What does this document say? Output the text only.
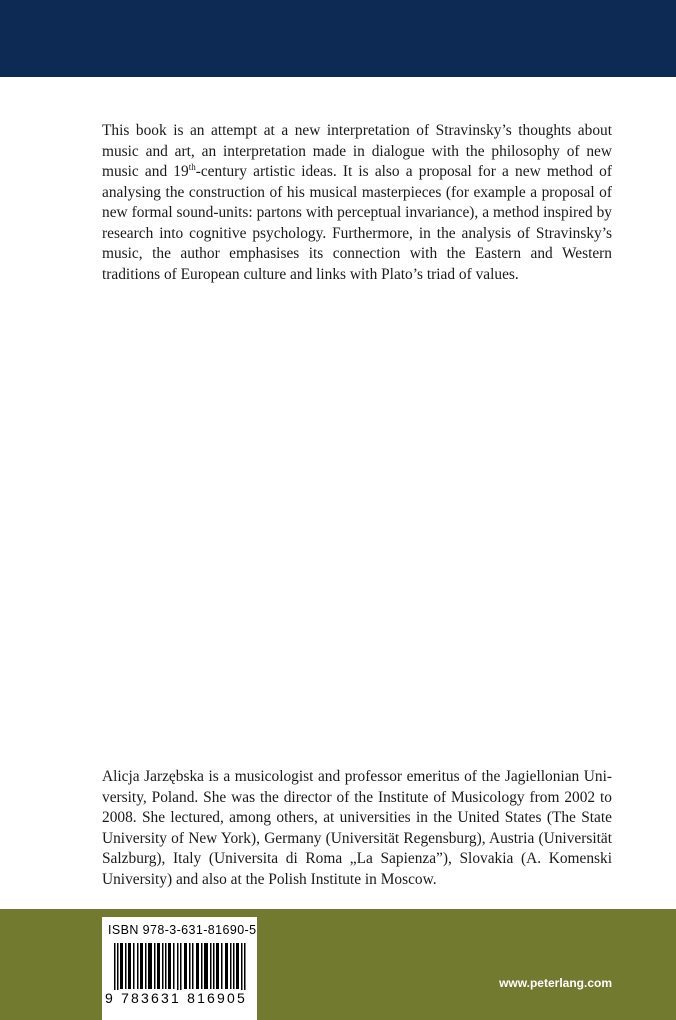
This book is an attempt at a new interpretation of Stravinsky’s thoughts about music and art, an interpretation made in dialogue with the philosophy of new music and 19th-century artistic ideas. It is also a proposal for a new method of analysing the construction of his musical masterpieces (for example a proposal of new formal sound-units: partons with perceptual invariance), a method inspired by research into cognitive psychology. Furthermore, in the analysis of Stravinsky’s music, the author emphasises its connection with the Eastern and Western traditions of European culture and links with Plato’s triad of values.

Alicja Jarzębska is a musicologist and professor emeritus of the Jagiellonian University, Poland. She was the director of the Institute of Musicology from 2002 to 2008. She lectured, among others, at universities in the United States (The State University of New York), Germany (Universität Regensburg), Austria (Universität Salzburg), Italy (Universita di Roma „La Sapienza”), Slovakia (A. Komenski University) and also at the Polish Institute in Moscow.

ISBN 978-3-631-81690-5
9 783631 816905
www.peterlang.com
